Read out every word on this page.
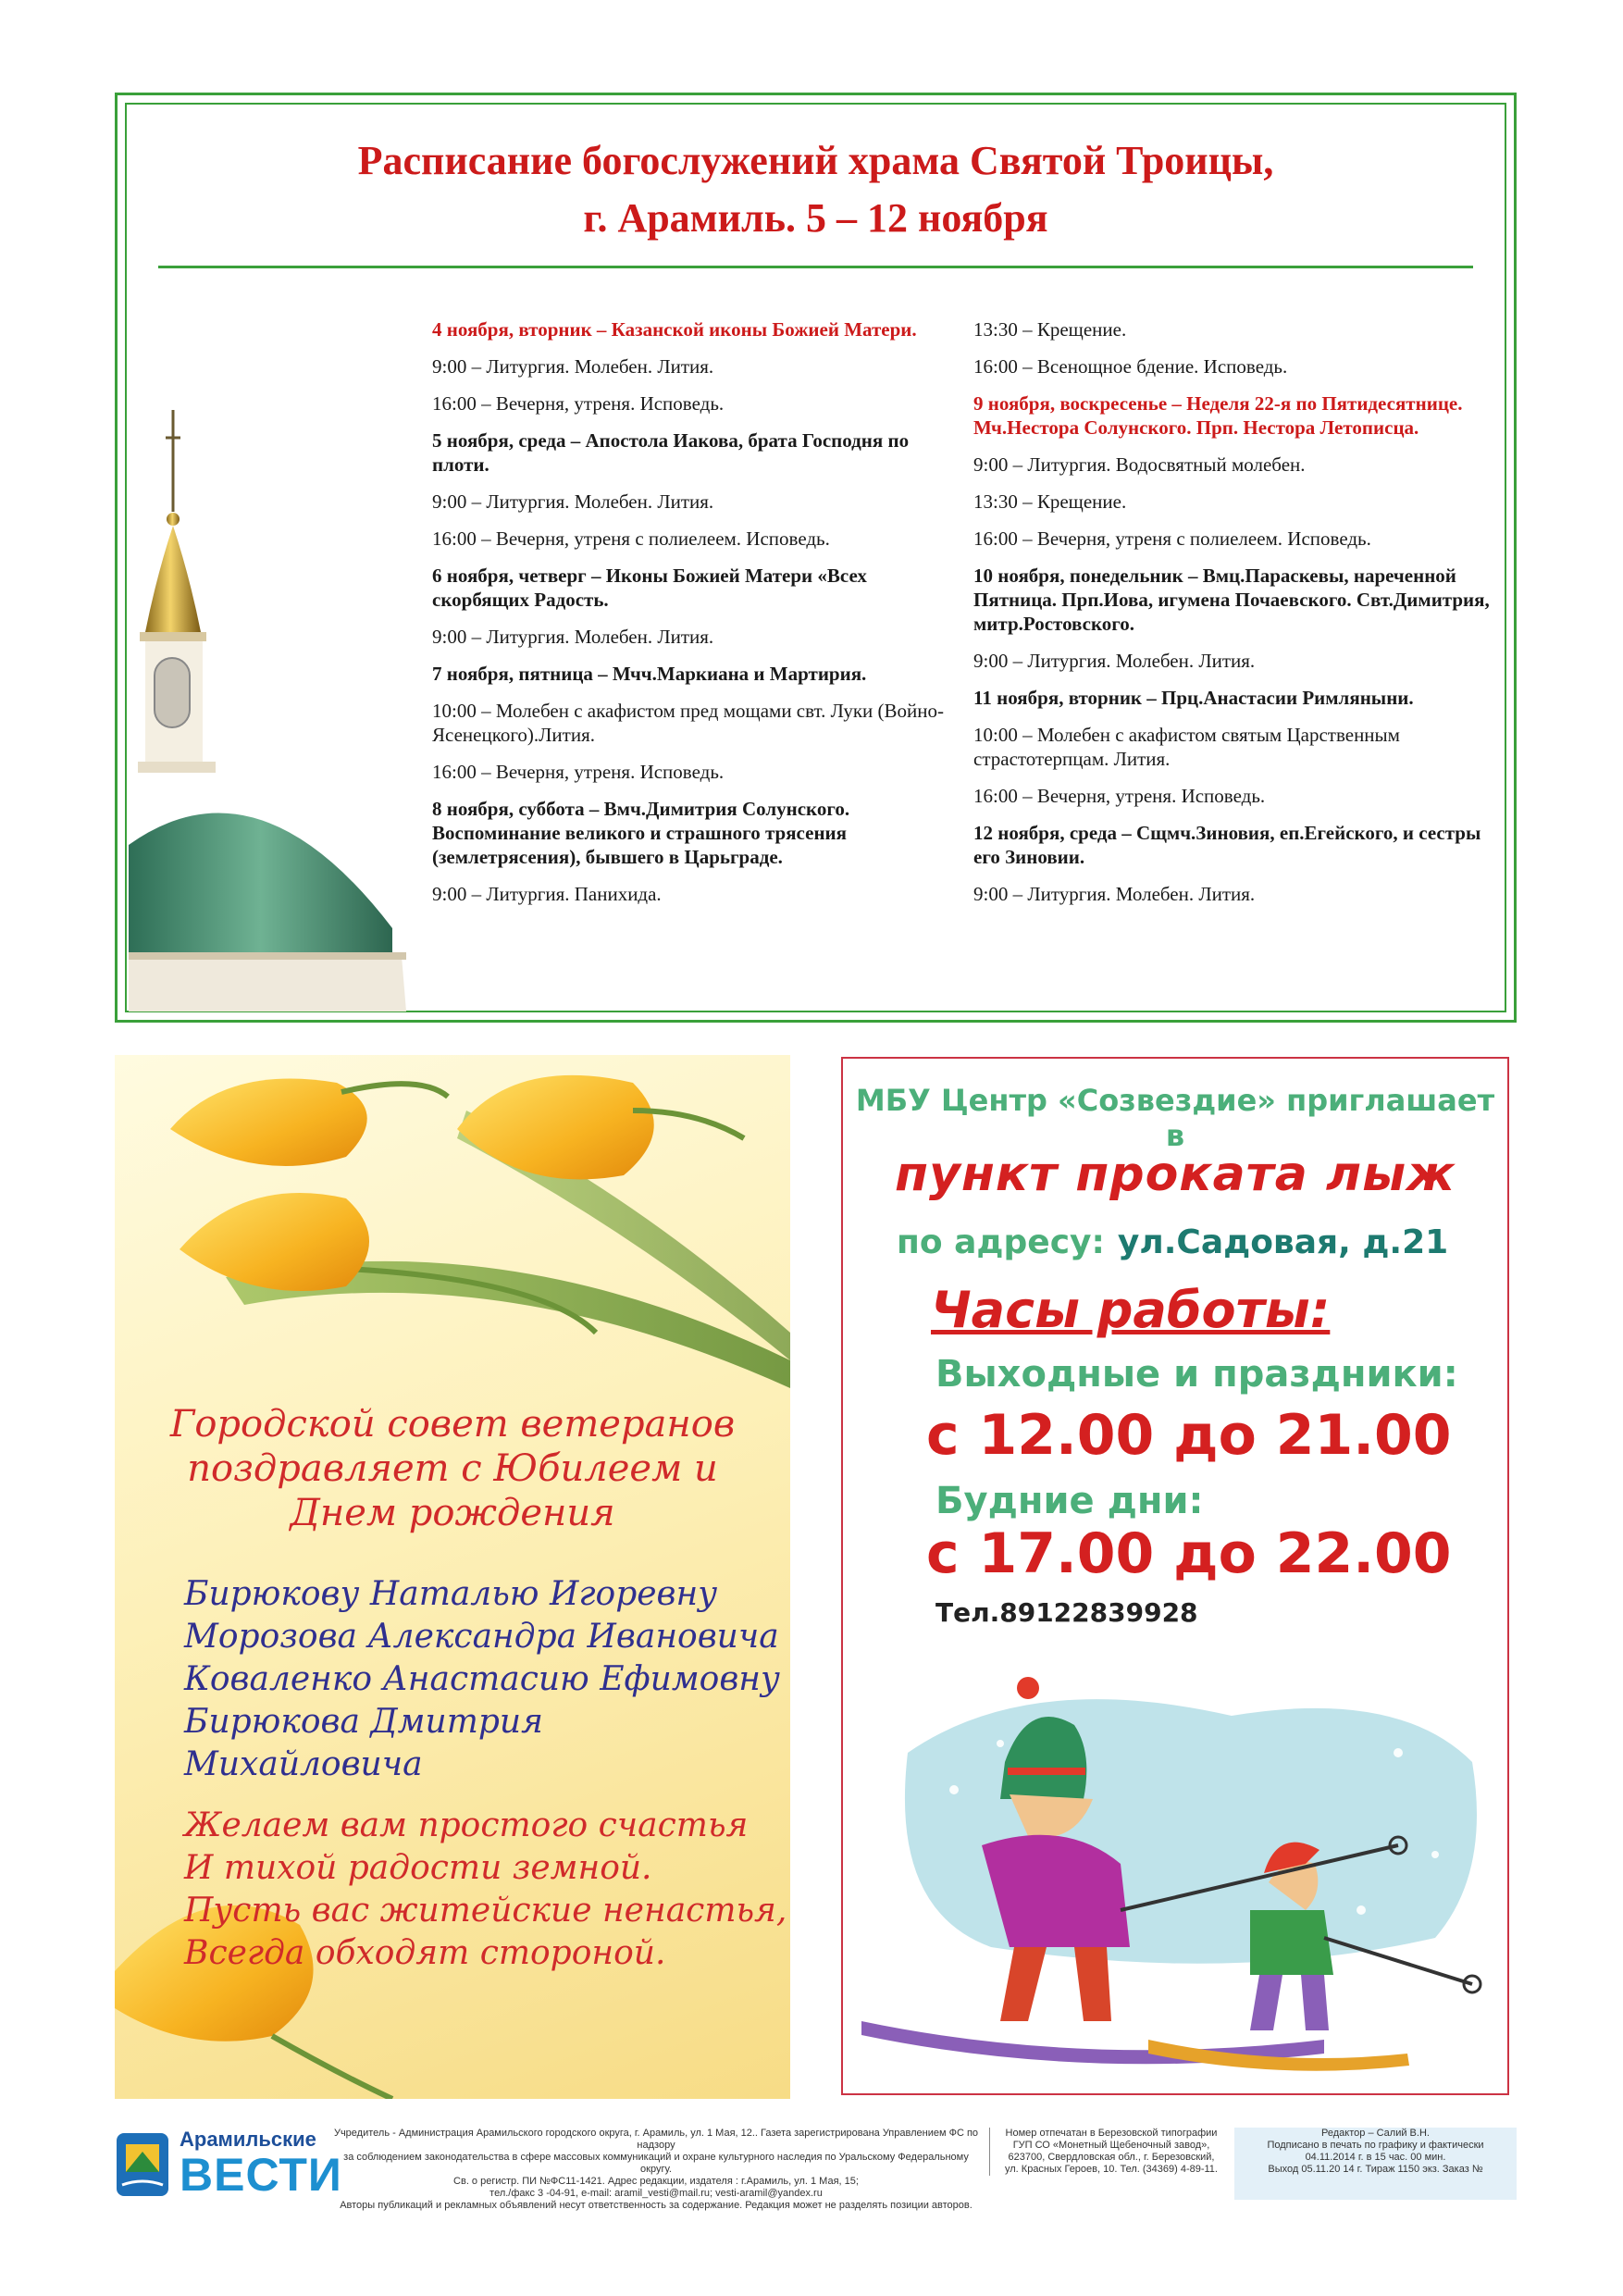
Расписание богослужений храма Святой Троицы,
г. Арамиль. 5 – 12 ноября
4 ноября, вторник – Казанской иконы Божией Матери.
9:00 – Литургия. Молебен. Лития.
16:00 – Вечерня, утреня. Исповедь.
5 ноября, среда – Апостола Иакова, брата Господня по плоти.
9:00 – Литургия. Молебен. Лития.
16:00 – Вечерня, утреня с полиелеем. Исповедь.
6 ноября, четверг – Иконы Божией Матери «Всех скорбящих Радость.
9:00 – Литургия. Молебен. Лития.
7 ноября, пятница – Мчч.Маркиана и Мартирия.
10:00 – Молебен с акафистом пред мощами свт. Луки (Войно-Ясенецкого).Лития.
16:00 – Вечерня, утреня. Исповедь.
8 ноября, суббота – Вмч.Димитрия Солунского. Воспоминание великого и страшного трясения (землетрясения), бывшего в Царьграде.
9:00 – Литургия. Панихида.
13:30 – Крещение.
16:00 – Всенощное бдение. Исповедь.
9 ноября, воскресенье – Неделя 22-я по Пятидесятнице. Мч.Нестора Солунского. Прп. Нестора Летописца.
9:00 – Литургия. Водосвятный молебен.
13:30 – Крещение.
16:00 – Вечерня, утреня с полиелеем. Исповедь.
10 ноября, понедельник – Вмц.Параскевы, нареченной Пятница. Прп.Иова, игумена Почаевского. Свт.Димитрия, митр.Ростовского.
9:00 – Литургия. Молебен. Лития.
11 ноября, вторник – Прц.Анастасии Римляныни.
10:00 – Молебен с акафистом святым Царственным страстотерпцам. Лития.
16:00 – Вечерня, утреня. Исповедь.
12 ноября, среда – Сщмч.Зиновия, еп.Егейского, и сестры его Зиновии.
9:00 – Литургия. Молебен. Лития.
Городской совет ветеранов
поздравляет с Юбилеем и
Днем рождения
Бирюкову Наталью Игоревну
Морозова Александра Ивановича
Коваленко Анастасию Ефимовну
Бирюкова Дмитрия Михайловича
Желаем вам простого счастья
И тихой радости земной.
Пусть вас житейские ненастья,
Всегда обходят стороной.
МБУ Центр «Созвездие» приглашает в
пункт проката лыж
по адресу: ул.Садовая, д.21
Часы работы:
Выходные и праздники:
с 12.00 до 21.00
Будние дни:
с 17.00 до 22.00
Тел.89122839928
Арамильские
ВЕСТИ
Учредитель - Администрация Арамильского городского округа, г. Арамиль, ул. 1 Мая, 12.. Газета зарегистрирована Управлением ФС по надзору
за соблюдением законодательства в сфере массовых коммуникаций и охране культурного наследия по Уральскому Федеральному округу.
Св. о регистр. ПИ №ФС11-1421. Адрес редакции, издателя : г.Арамиль, ул. 1 Мая, 15;
тел./факс 3 -04-91, e-mail: aramil_vesti@mail.ru; vesti-aramil@yandex.ru
Авторы публикаций и рекламных объявлений несут ответственность за содержание. Редакция может не разделять позиции авторов.
Номер отпечатан в Березовской типографии
ГУП СО «Монетный Щебеночный завод»,
623700, Свердловская обл., г. Березовский,
ул. Красных Героев, 10. Тел. (34369) 4-89-11.
Редактор – Салий В.Н.
Подписано в печать по графику и фактически
04.11.2014 г. в 15 час. 00 мин.
Выход 05.11.20 14 г. Тираж 1150 экз. Заказ №
